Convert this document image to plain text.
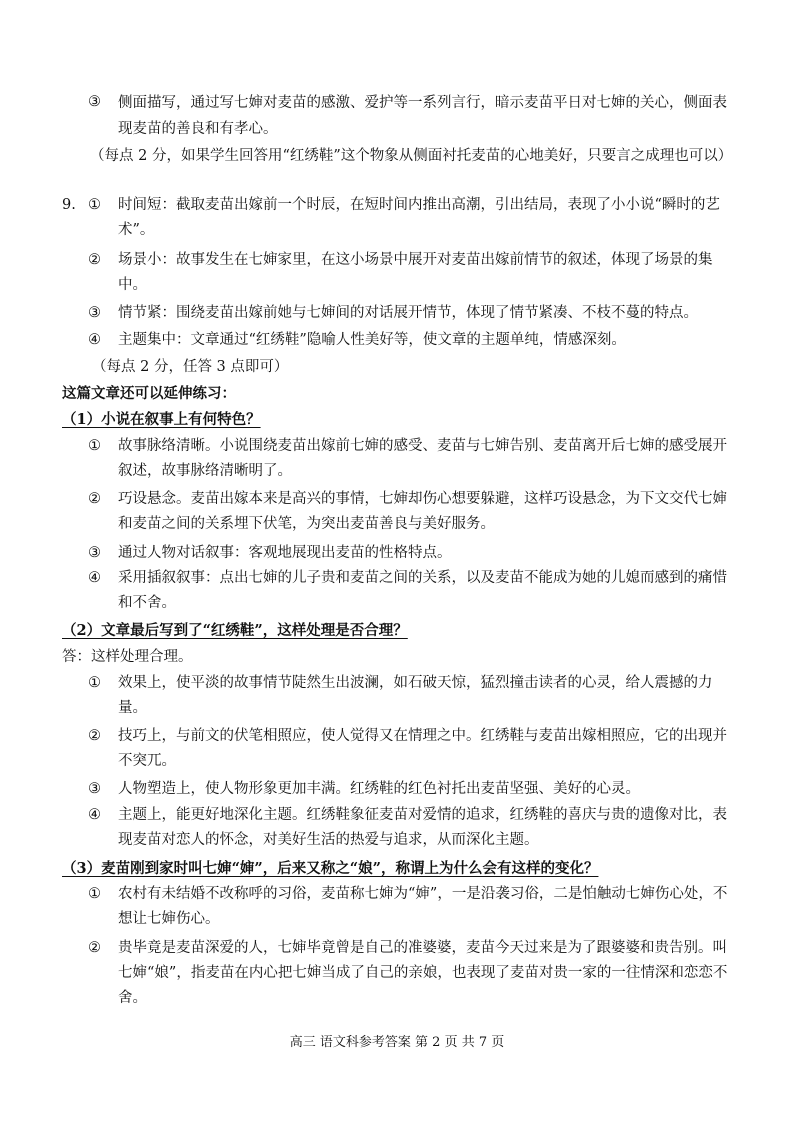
③ 侧面描写，通过写七婶对麦苗的感激、爱护等一系列言行，暗示麦苗平日对七婶的关心，侧面表现麦苗的善良和有孝心。
（每点 2 分，如果学生回答用“红绣鞋”这个物象从侧面衬托麦苗的心地美好，只要言之成理也可以）
9. ① 时间短：截取麦苗出嫁前一个时辰，在短时间内推出高潮，引出结局，表现了小小说“瞬时的艺术”。
② 场景小：故事发生在七婶家里，在这小场景中展开对麦苗出嫁前情节的叙述，体现了场景的集中。
③ 情节紧：围绕麦苗出嫁前她与七婶间的对话展开情节，体现了情节紧凑、不枝不蔓的特点。
④ 主题集中：文章通过“红绣鞋”隐喻人性美好等，使文章的主题单纯，情感深刻。
（每点 2 分，任答 3 点即可）
这篇文章还可以延伸练习：
（1）小说在叙事上有何特色？
① 故事脉络清晰。小说围绕麦苗出嫁前七婶的感受、麦苗与七婶告别、麦苗离开后七婶的感受展开叙述，故事脉络清晰明了。
② 巧设悬念。麦苗出嫁本来是高兴的事情，七婶却伤心想要躲避，这样巧设悬念，为下文交代七婶和麦苗之间的关系埋下伏笔，为突出麦苗善良与美好服务。
③ 通过人物对话叙事：客观地展现出麦苗的性格特点。
④ 采用插叙叙事：点出七婶的儿子贵和麦苗之间的关系，以及麦苗不能成为她的儿媳而感到的痛惜和不舍。
（2）文章最后写到了“红绣鞋”，这样处理是否合理？
答：这样处理合理。
① 效果上，使平淡的故事情节陡然生出波澜，如石破天惊，猛烈撞击读者的心灵，给人震撼的力量。
② 技巧上，与前文的伏笔相照应，使人觉得又在情理之中。红绣鞋与麦苗出嫁相照应，它的出现并不突兀。
③ 人物塑造上，使人物形象更加丰满。红绣鞋的红色衬托出麦苗坚强、美好的心灵。
④ 主题上，能更好地深化主题。红绣鞋象征麦苗对爱情的追求，红绣鞋的喜庆与贵的遗像对比，表现麦苗对恋人的怀念，对美好生活的热爱与追求，从而深化主题。
（3）麦苗刚到家时叫七婶“婶”，后来又称之“娘”，称谓上为什么会有这样的变化？
① 农村有未结婚不改称呼的习俗，麦苗称七婶为“婶”，一是沿袭习俗，二是怕触动七婶伤心处，不想让七婶伤心。
② 贵毕竟是麦苗深爱的人，七婶毕竟曾是自己的准婆婆，麦苗今天过来是为了跟婆婆和贵告别。叫七婶“娘”，指麦苗在内心把七婶当成了自己的亲娘，也表现了麦苗对贵一家的一往情深和恋恋不舍。
高三 语文科参考答案 第 2 页 共 7 页
